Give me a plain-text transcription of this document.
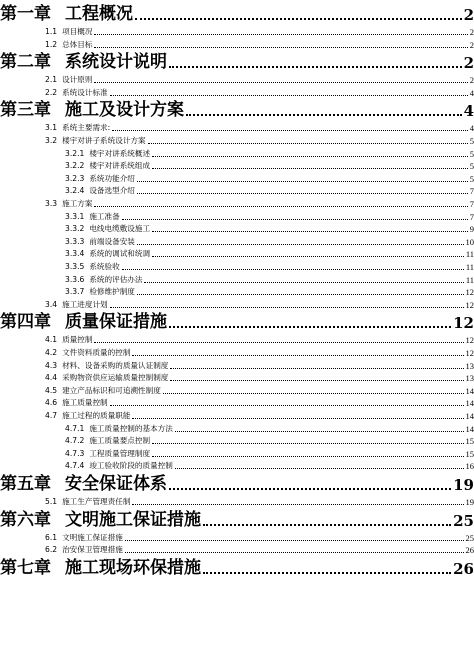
第一章 工程概况	2
1.1 项目概况	2
1.2 总体目标	2
第二章 系统设计说明	2
2.1 设计原则	2
2.2 系统设计标准	4
第三章 施工及设计方案	4
3.1 系统主要需求:	4
3.2 楼宇对讲子系统设计方案	5
3.2.1 楼宇对讲系统概述	5
3.2.2 楼宇对讲系统组成	5
3.2.3 系统功能介绍	5
3.2.4 设备选型介绍	7
3.3 施工方案	7
3.3.1 施工准备	7
3.3.2 电线电缆敷设施工	9
3.3.3 前端设备安装	10
3.3.4 系统的调试和统调	11
3.3.5 系统验收	11
3.3.6 系统的评估办法	11
3.3.7 检修维护制度	12
3.4 施工进度计划	12
第四章 质量保证措施	12
4.1 质量控制	12
4.2 文件资料质量的控制	12
4.3 材料、设备采购的质量认证制度	13
4.4 采购物资供应运输质量控制制度	13
4.5 建立产品标识和可追溯性制度	14
4.6 施工质量控制	14
4.7 施工过程的质量职能	14
4.7.1 施工质量控制的基本方法	14
4.7.2 施工质量要点控制	15
4.7.3 工程质量管理制度	15
4.7.4 竣工验收阶段的质量控制	16
第五章 安全保证体系	19
5.1 施工生产管理责任制	19
第六章 文明施工保证措施	25
6.1 文明施工保证措施	25
6.2 治安保卫管理措施	26
第七章 施工现场环保措施	26
